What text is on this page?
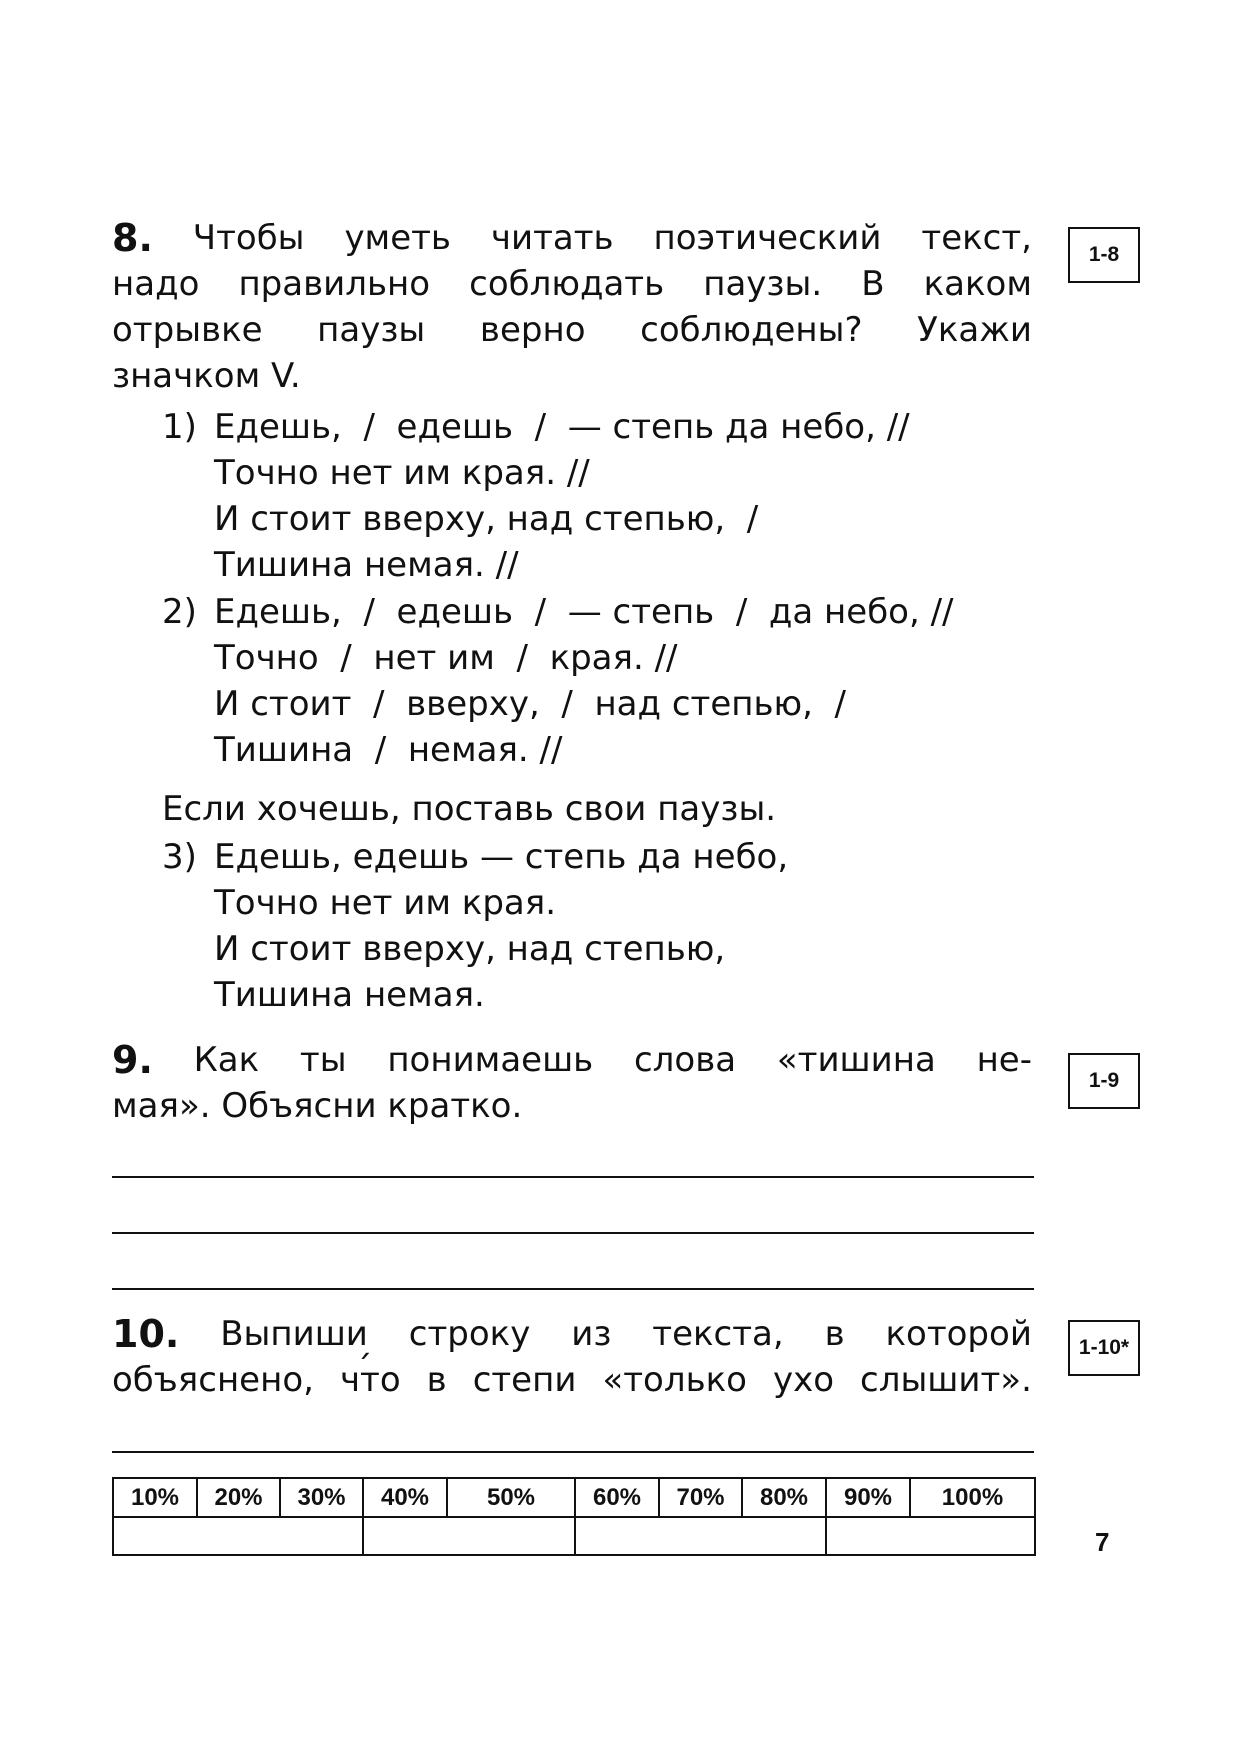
8. Чтобы уметь читать поэтический текст,
надо правильно соблюдать паузы. В каком
отрывке паузы верно соблюдены? Укажи

значком V.

1-8
1) Едешь,  /  едешь  /  — степь да небо, //
Точно нет им края. //
И стоит вверху, над степью,  /
Тишина немая. //
2) Едешь,  /  едешь  /  — степь  /  да небо, //
Точно  /  нет им  /  края. //
И стоит  /  вверху,  /  над степью,  /
Тишина  /  немая. //
Если хочешь, поставь свои паузы.
3) Едешь, едешь — степь да небо,
Точно нет им края.
И стоит вверху, над степью,
Тишина немая.
9. Как ты понимаешь слова «тишина не-

мая». Объясни кратко.

1-9
10. Выпиши строку из текста, в которой
объяснено, что ´ в степи «только ухо слышит».
1-10*
10%	20%	30%	40%	50%	60%	70%	80%	90%	100%

7
